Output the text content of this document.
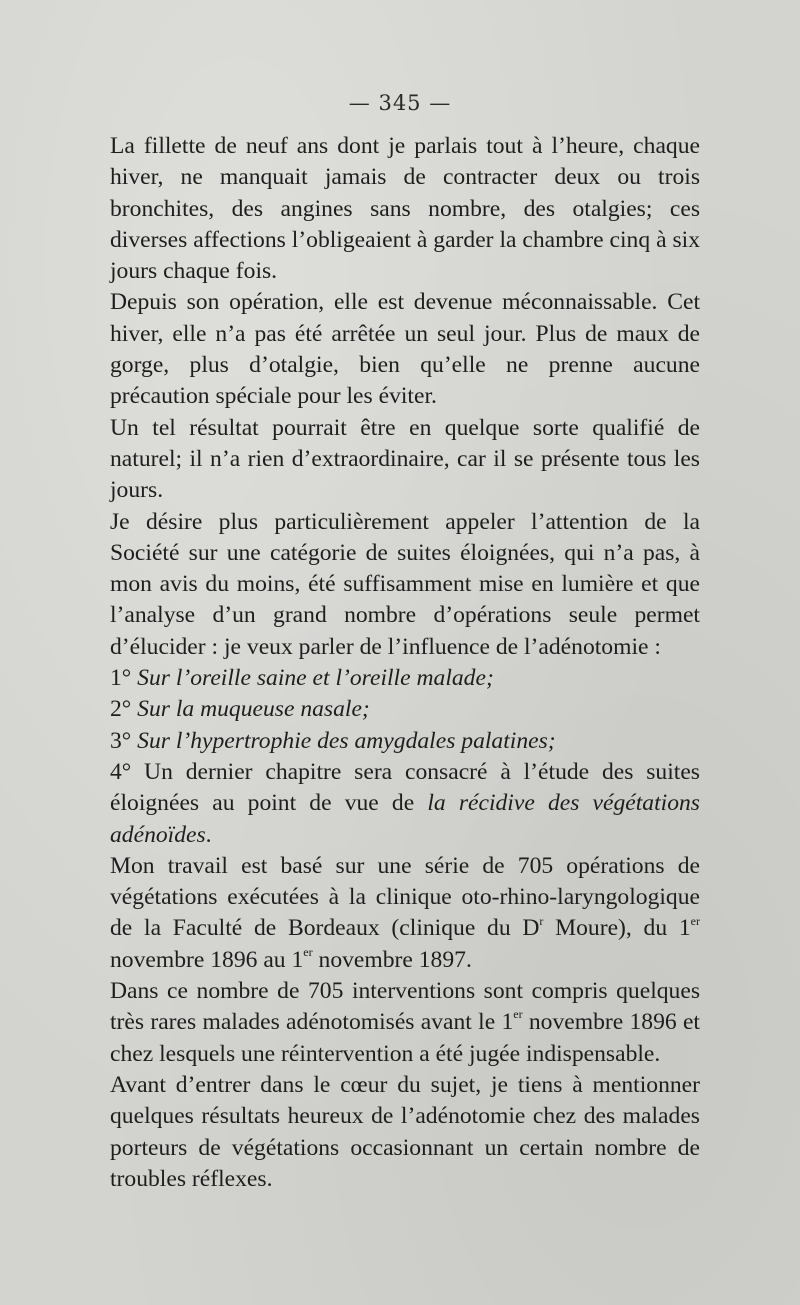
— 345 —

La fillette de neuf ans dont je parlais tout à l’heure, chaque hiver, ne manquait jamais de contracter deux ou trois bronchites, des angines sans nombre, des otalgies; ces diverses affections l’obligeaient à garder la chambre cinq à six jours chaque fois.

Depuis son opération, elle est devenue méconnaissable. Cet hiver, elle n’a pas été arrêtée un seul jour. Plus de maux de gorge, plus d’otalgie, bien qu’elle ne prenne aucune précaution spéciale pour les éviter.

Un tel résultat pourrait être en quelque sorte qualifié de naturel; il n’a rien d’extraordinaire, car il se présente tous les jours.

Je désire plus particulièrement appeler l’attention de la Société sur une catégorie de suites éloignées, qui n’a pas, à mon avis du moins, été suffisamment mise en lumière et que l’analyse d’un grand nombre d’opérations seule permet d’élucider : je veux parler de l’influence de l’adénotomie :

1° Sur l’oreille saine et l’oreille malade;

2° Sur la muqueuse nasale;

3° Sur l’hypertrophie des amygdales palatines;

4° Un dernier chapitre sera consacré à l’étude des suites éloignées au point de vue de la récidive des végétations adénoïdes.

Mon travail est basé sur une série de 705 opérations de végétations exécutées à la clinique oto-rhino-laryngologique de la Faculté de Bordeaux (clinique du $D^r$ Moure), du 1er novembre 1896 au 1er novembre 1897.

Dans ce nombre de 705 interventions sont compris quelques très rares malades adénotomisés avant le 1er novembre 1896 et chez lesquels une réintervention a été jugée indispensable.

Avant d’entrer dans le cœur du sujet, je tiens à mentionner quelques résultats heureux de l’adénotomie chez des malades porteurs de végétations occasionnant un certain nombre de troubles réflexes.
